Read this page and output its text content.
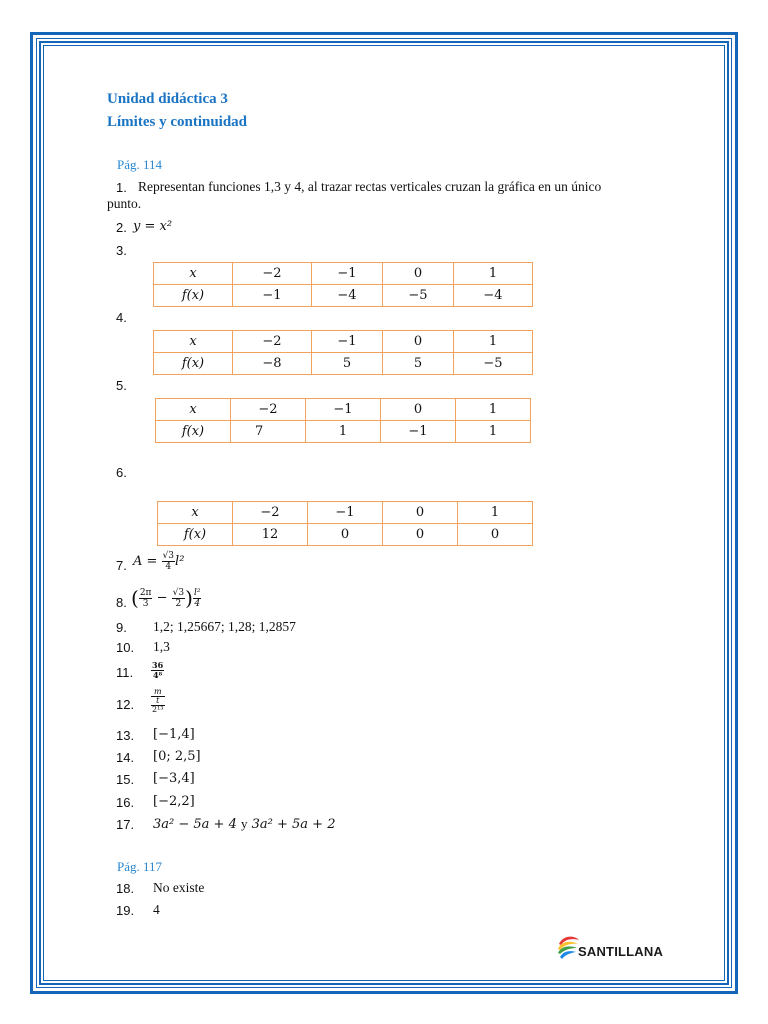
Unidad didáctica 3
Límites y continuidad
Pág. 114
1. Representan funciones 1,3 y 4, al trazar rectas verticales cruzan la gráfica en un único
punto.
2. y = x²
3.
x	−2	−1	0	1
f(x)	−1	−4	−5	−4
4.
x	−2	−1	0	1
f(x)	−8	5	5	−5
5.
x	−2	−1	0	1
f(x)	7	1	−1	1
6.
x	−2	−1	0	1
f(x)	12	0	0	0
7. $A = \frac{√3}{4} l^2$
8. ( $\frac{2\pi}{3} - \frac{√3}{2}$ ) $\frac{\text{l²}}{4}$
9. 1,2; 1,25667; 1,28; 1,2857
10. 1,3
11. $\frac{36}{\text{4⁸}}$
12.
m
t
2¹³
13. [−1,4]
14. [0; 2,5]
15. [−3,4]
16. [−2,2]
17. 3a² − 5a + 4 y 3a² + 5a + 2
Pág. 117
18. No existe
19. 4
SANTILLANA
